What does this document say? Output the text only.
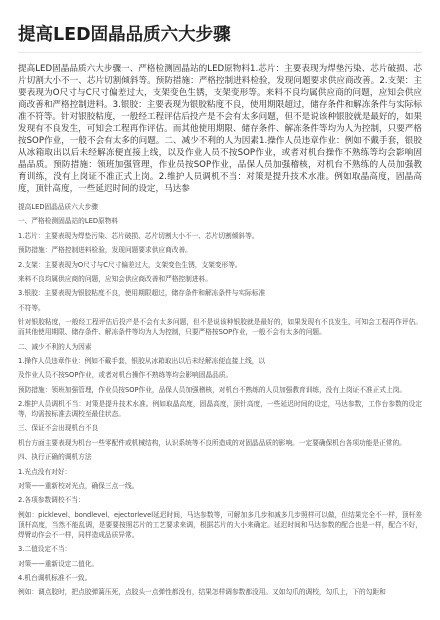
提高LED固晶品质六大步骤
提高LED固晶品质六大步骤一、严格检测固晶站的LED原物料1.芯片：主要表现为焊垫污染、芯片破损、芯片切割大小不一、芯片切割倾斜等。预防措施：严格控制进料检验，发现问题要求供应商改善。2.支架：主要表现为O尺寸与C尺寸偏差过大，支架变色生锈，支架变形等。来料不良均属供应商的问题，应知会供应商改善和严格控制进料。3.银胶：主要表现为银胶粘度不良，使用期限超过，储存条件和解冻条件与实际标准不符等。针对银胶粘度，一般经工程评估后投产是不会有太多问题，但不是说该种银胶就是最好的，如果发现有不良发生，可知会工程再作评估。而其他使用期限、储存条件、解冻条件等均为人为控制，只要严格按SOP作业，一般不会有太多的问题。二、减少不利的人为因素1.操作人员违章作业：例如不戴手套，银胶从冰箱取出以后未经解冻便直接上线，以及作业人员不按SOP作业，或者对机台操作不熟练等均会影响固晶品质。预防措施：领班加强管理，作业员按SOP作业，品保人员加强稽核，对机台不熟练的人员加强教育训练，没有上岗证不准正式上岗。2.维护人员调机不当：对策是提升技术水准。例如取晶高度，固晶高度，顶针高度，一些延迟时间的设定，马达参
提高LED固晶品质六大步骤
一、严格检测固晶站的LED原物料
1.芯片：主要表现为焊垫污染、芯片破损、芯片切割大小不一、芯片切割倾斜等。
预防措施：严格控制进料检验，发现问题要求供应商改善。
2.支架：主要表现为O尺寸与C尺寸偏差过大，支架变色生锈，支架变形等。
来料不良均属供应商的问题，应知会供应商改善和严格控制进料。
3.银胶：主要表现为银胶粘度不良，使用期限超过，储存条件和解冻条件与实际标准
不符等。
针对银胶粘度，一般经工程评估后投产是不会有太多问题，但不是说该种银胶就是最好的，如果发现有不良发生，可知会工程再作评估。而其他使用期限、储存条件、解冻条件等均为人为控制，只要严格按SOP作业，一般不会有太多的问题。
二、减少不利的人为因素
1.操作人员违章作业：例如不戴手套，银胶从冰箱取出以后未经解冻便直接上线，以
及作业人员不按SOP作业，或者对机台操作不熟练等均会影响固晶品质。
预防措施：领班加强管理，作业员按SOP作业，品保人员加强稽核，对机台不熟练的人员加强教育训练，没有上岗证不准正式上岗。
2.维护人员调机不当：对策是提升技术水准。例如取晶高度，固晶高度，顶针高度，一些延迟时间的设定，马达参数，工作台参数的设定等，均需按标准去调校至最佳状态。
三、保证不会出现机台不良
机台方面主要表现为机台一些零配件或机械结构，认识系统等不良所造成的对固晶品质的影响。一定要确保机台各项功能是正常的。
四、执行正确的调机方法
1.光点没有对好：
对策——重新校对光点，确保三点一线。
2.各项参数调校不当：
例如：picklevel、bondlevel、ejectorlevel延迟时间，马达参数等，可解加多几步和减多几步照样可以做，但结果完全不一样，顶杆差顶杆高度，当然不能乱调，是要要按照芯片的工艺要求来调，根据芯片的大小来确定。延迟时间和马达参数的配合也是一样，配合不好，焊臂动作会不一样，同样造成品质异常。
3.二值设定不当：
对策——重新设定二值化。
4.机台调机标准不一致。
例如：调点胶时，把点胶弹簧压死，点胶头一点弹性都没有，结果怎样调参数都没用。又如勾爪的调校，勾爪上，下的勾距和
